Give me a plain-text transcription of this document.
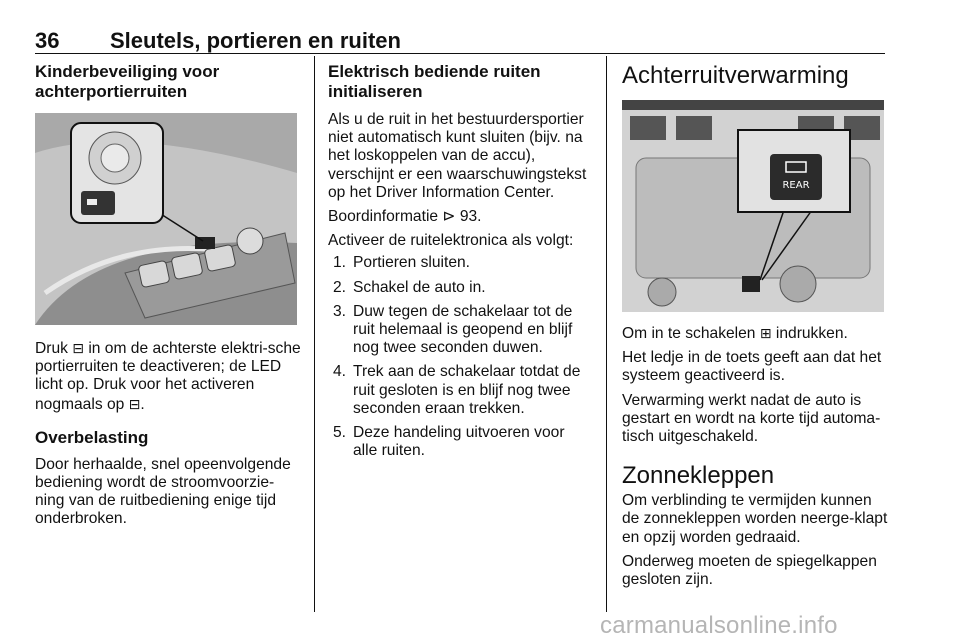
36 Sleutels, portieren en ruiten
Kinderbeveiliging voor achterportierruiten

Druk ⊟ in om de achterste elektri-sche portierruiten te deactiveren; de LED licht op. Druk voor het activeren nogmaals op ⊟.

Overbelasting

Door herhaalde, snel opeenvolgende bediening wordt de stroomvoorzie-ning van de ruitbediening enige tijd onderbroken.

Elektrisch bediende ruiten initialiseren

Als u de ruit in het bestuurdersportier niet automatisch kunt sluiten (bijv. na het loskoppelen van de accu), verschijnt er een waarschuwingstekst op het Driver Information Center.

Boordinformatie ⊳ 93.

Activeer de ruitelektronica als volgt:

1. Portieren sluiten.
2. Schakel de auto in.
3. Duw tegen de schakelaar tot de ruit helemaal is geopend en blijf nog twee seconden duwen.
4. Trek aan de schakelaar totdat de ruit gesloten is en blijf nog twee seconden eraan trekken.
5. Deze handeling uitvoeren voor alle ruiten.
Achterruitverwarming
REAR

Om in te schakelen ⊞ indrukken.

Het ledje in de toets geeft aan dat het systeem geactiveerd is.

Verwarming werkt nadat de auto is gestart en wordt na korte tijd automa-tisch uitgeschakeld.

Zonnekleppen

Om verblinding te vermijden kunnen de zonnekleppen worden neerge-klapt en opzij worden gedraaid.

Onderweg moeten de spiegelkappen gesloten zijn.

carmanualsonline.info
